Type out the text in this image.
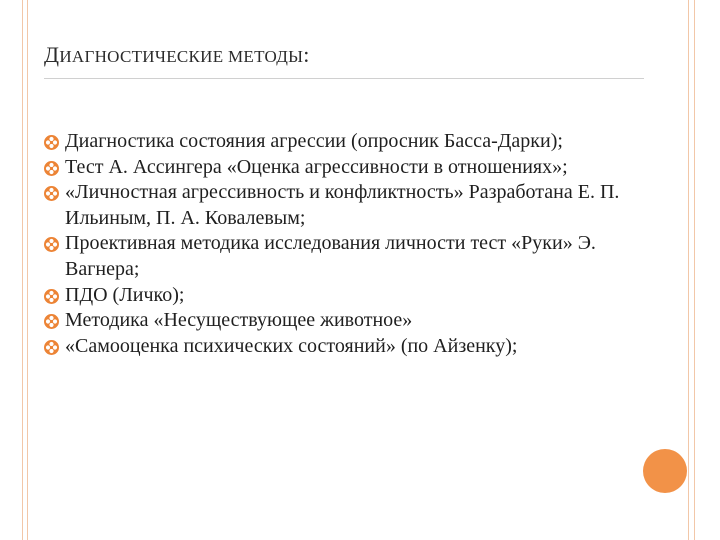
ДИАГНОСТИЧЕСКИЕ МЕТОДЫ:
Диагностика состояния агрессии (опросник Басса-Дарки);
Тест А. Ассингера «Оценка агрессивности в отношениях»;
«Личностная агрессивность и конфликтность» Разработана Е. П. Ильиным, П. А. Ковалевым;
Проективная методика исследования личности тест «Руки» Э. Вагнера;
ПДО (Личко);
Методика «Несуществующее животное»
«Самооценка психических состояний» (по Айзенку);
